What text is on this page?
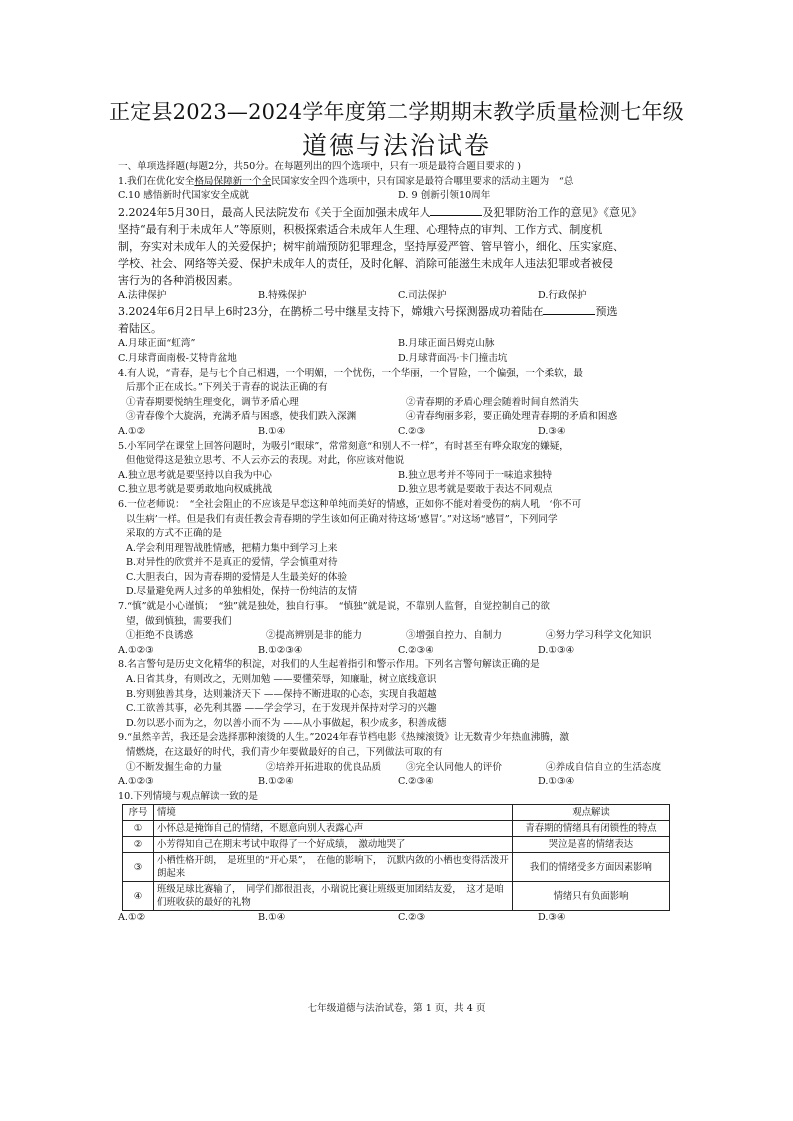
正定县2023—2024学年度第二学期期末教学质量检测七年级
道德与法治试卷
一、单项选择题(每题2分，共50分。在每题列出的四个选项中，只有一项是最符合题目要求的 )
1.我们在优化安全格局保障新一个全民国家安全四个选项中，只有国家是最符合哪里要求的活动主题为　“总
C.10 感悟新时代国家安全成就	D. 9 创新引领10周年
2.2024年5月30日，最高人民法院发布《关于全面加强未成年人	及犯罪防治工作的意见》《意见》
坚持“最有利于未成年人”等原则，积极探索适合未成年人生理、心理特点的审判、工作方式、制度机
制，夯实对未成年人的关爱保护；树牢前端预防犯罪理念，坚持厚爱严管、管早管小，细化、压实家庭、
学校、社会、网络等关爱、保护未成年人的责任，及时化解、消除可能滋生未成年人违法犯罪或者被侵
害行为的各种消极因素。
A.法律保护	B.特殊保护	C.司法保护	D.行政保护
3.2024年6月2日早上6时23分，在鹊桥二号中继星支持下，嫦娥六号探测器成功着陆在	预选
着陆区。
A.月球正面“虹湾”	B.月球正面吕姆克山脉
C.月球背面南极-艾特肯盆地	D.月球背面冯·卡门撞击坑
4.有人说，“青春，是与七个自己相遇，一个明媚，一个忧伤，一个华丽，一个冒险，一个偏强，一个柔软，最
后那个正在成长。”下列关于青春的说法正确的有
①青春期要悦纳生理变化，调节矛盾心理	②青春期的矛盾心理会随着时间自然消失
③青春像个大旋涡，充满矛盾与困惑，使我们跌入深渊	④青春绚丽多彩，要正确处理青春期的矛盾和困惑
A.①②	B.①④	C.②③	D.③④
5.小军同学在课堂上回答问题时，为吸引“眼球”，常常刻意“和别人不一样”，有时甚至有哗众取宠的嫌疑，
但他觉得这是独立思考、不人云亦云的表现。对此，你应该对他说
A.独立思考就是要坚持以自我为中心	B.独立思考并不等同于一味追求独特
C.独立思考就是要勇敢地向权威挑战	D.独立思考就是要敢于表达不同观点
6.一位老师说：　“全社会阻止的不应该是早恋这种单纯而美好的情感，正如你不能对着受伤的病人吼　‘你不可
以生病’一样。但是我们有责任教会青春期的学生该如何正确对待这场‘感冒’。”对这场“感冒”，下列同学
采取的方式不正确的是
A.学会利用理智战胜情感，把精力集中到学习上来
B.对异性的欣赏并不是真正的爱情，学会慎重对待
C.大胆表白，因为青春期的爱情是人生最美好的体验
D.尽量避免两人过多的单独相处，保持一份纯洁的友情
7.“慎”就是小心谨慎；　“独”就是独处，独自行事。　“慎独”就是说，不靠别人监督，自觉控制自己的欲
望，做到慎独，需要我们
①拒绝不良诱惑	②提高辨别是非的能力	③增强自控力、自制力	④努力学习科学文化知识
A.①②③	B.①②③④	C.②③④	D.①③④
8.名言警句是历史文化精华的积淀，对我们的人生起着指引和警示作用。下列名言警句解读正确的是
A.日省其身，有则改之，无则加勉 ——要懂荣辱，知廉耻，树立底线意识
B.穷则独善其身，达则兼济天下 ——保持不断进取的心态，实现自我超越
C.工欲善其事，必先利其器 ——学会学习，在于发现并保持对学习的兴趣
D.勿以恶小而为之，勿以善小而不为 ——从小事做起，积少成多，积善成德
9.“虽然辛苦，我还是会选择那种滚烫的人生。”2024年春节档电影《热辣滚烫》让无数青少年热血沸腾，激
情燃烧，在这最好的时代，我们青少年要做最好的自己，下列做法可取的有
①不断发掘生命的力量	②培养开拓进取的优良品质	③完全认同他人的评价	④养成自信自立的生活态度
A.①②③	B.①②④	C.②③④	D.①③④
10.下列情境与观点解读一致的是
序号	情境	观点解读
①	小怀总是掩饰自己的情绪，不愿意向别人表露心声	青春期的情绪具有闭锁性的特点
②	小芳得知自己在期末考试中取得了一个好成绩，　激动地哭了	哭泣是喜的情绪表达
③	小栖性格开朗，　是班里的“开心果”，　在他的影响下，　沉默内敛的小栖也变得活泼开朗起来	我们的情绪受多方面因素影响
④	班级足球比赛输了，　同学们都很沮丧，小瑞说比赛让班级更加团结友爱，　这才是咱们班收获的最好的礼物	情绪只有负面影响
A.①②	B.①④	C.②③	D.③④
七年级道德与法治试卷，第 1 页，共 4 页
